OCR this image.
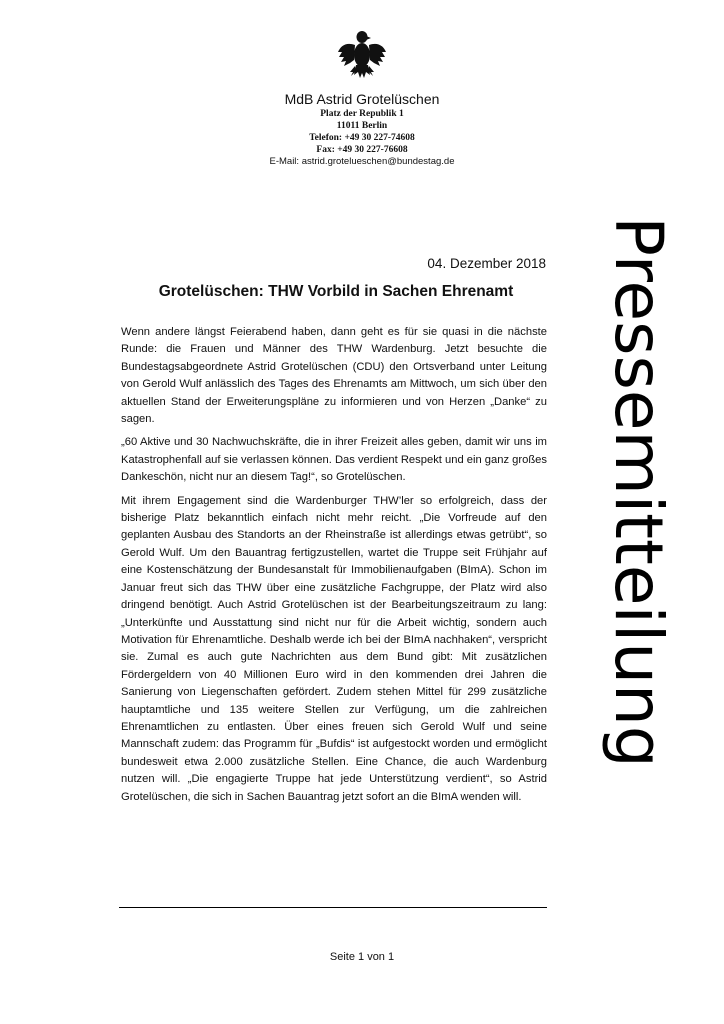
MdB Astrid Grotelüschen
Platz der Republik 1
11011 Berlin
Telefon: +49 30 227-74608
Fax: +49 30 227-76608
E-Mail: astrid.grotelueschen@bundestag.de
Pressemitteilung
04. Dezember 2018
Grotelüschen: THW Vorbild in Sachen Ehrenamt

Wenn andere längst Feierabend haben, dann geht es für sie quasi in die nächste Runde: die Frauen und Männer des THW Wardenburg. Jetzt besuchte die Bundestagsabgeordnete Astrid Grotelüschen (CDU) den Ortsverband unter Leitung von Gerold Wulf anlässlich des Tages des Ehrenamts am Mittwoch, um sich über den aktuellen Stand der Erweiterungspläne zu informieren und von Herzen „Danke“ zu sagen.

„60 Aktive und 30 Nachwuchskräfte, die in ihrer Freizeit alles geben, damit wir uns im Katastrophenfall auf sie verlassen können. Das verdient Respekt und ein ganz großes Dankeschön, nicht nur an diesem Tag!“, so Grotelüschen.

Mit ihrem Engagement sind die Wardenburger THW’ler so erfolgreich, dass der bisherige Platz bekanntlich einfach nicht mehr reicht. „Die Vorfreude auf den geplanten Ausbau des Standorts an der Rheinstraße ist allerdings etwas getrübt“, so Gerold Wulf. Um den Bauantrag fertigzustellen, wartet die Truppe seit Frühjahr auf eine Kostenschätzung der Bundesanstalt für Immobilienaufgaben (BImA). Schon im Januar freut sich das THW über eine zusätzliche Fachgruppe, der Platz wird also dringend benötigt. Auch Astrid Grotelüschen ist der Bearbeitungszeitraum zu lang: „Unterkünfte und Ausstattung sind nicht nur für die Arbeit wichtig, sondern auch Motivation für Ehrenamtliche. Deshalb werde ich bei der BImA nachhaken“, verspricht sie. Zumal es auch gute Nachrichten aus dem Bund gibt: Mit zusätzlichen Fördergeldern von 40 Millionen Euro wird in den kommenden drei Jahren die Sanierung von Liegenschaften gefördert. Zudem stehen Mittel für 299 zusätzliche hauptamtliche und 135 weitere Stellen zur Verfügung, um die zahlreichen Ehrenamtlichen zu entlasten. Über eines freuen sich Gerold Wulf und seine Mannschaft zudem: das Programm für „Bufdis“ ist aufgestockt worden und ermöglicht bundesweit etwa 2.000 zusätzliche Stellen. Eine Chance, die auch Wardenburg nutzen will. „Die engagierte Truppe hat jede Unterstützung verdient“, so Astrid Grotelüschen, die sich in Sachen Bauantrag jetzt sofort an die BImA wenden will.

Seite 1 von 1
